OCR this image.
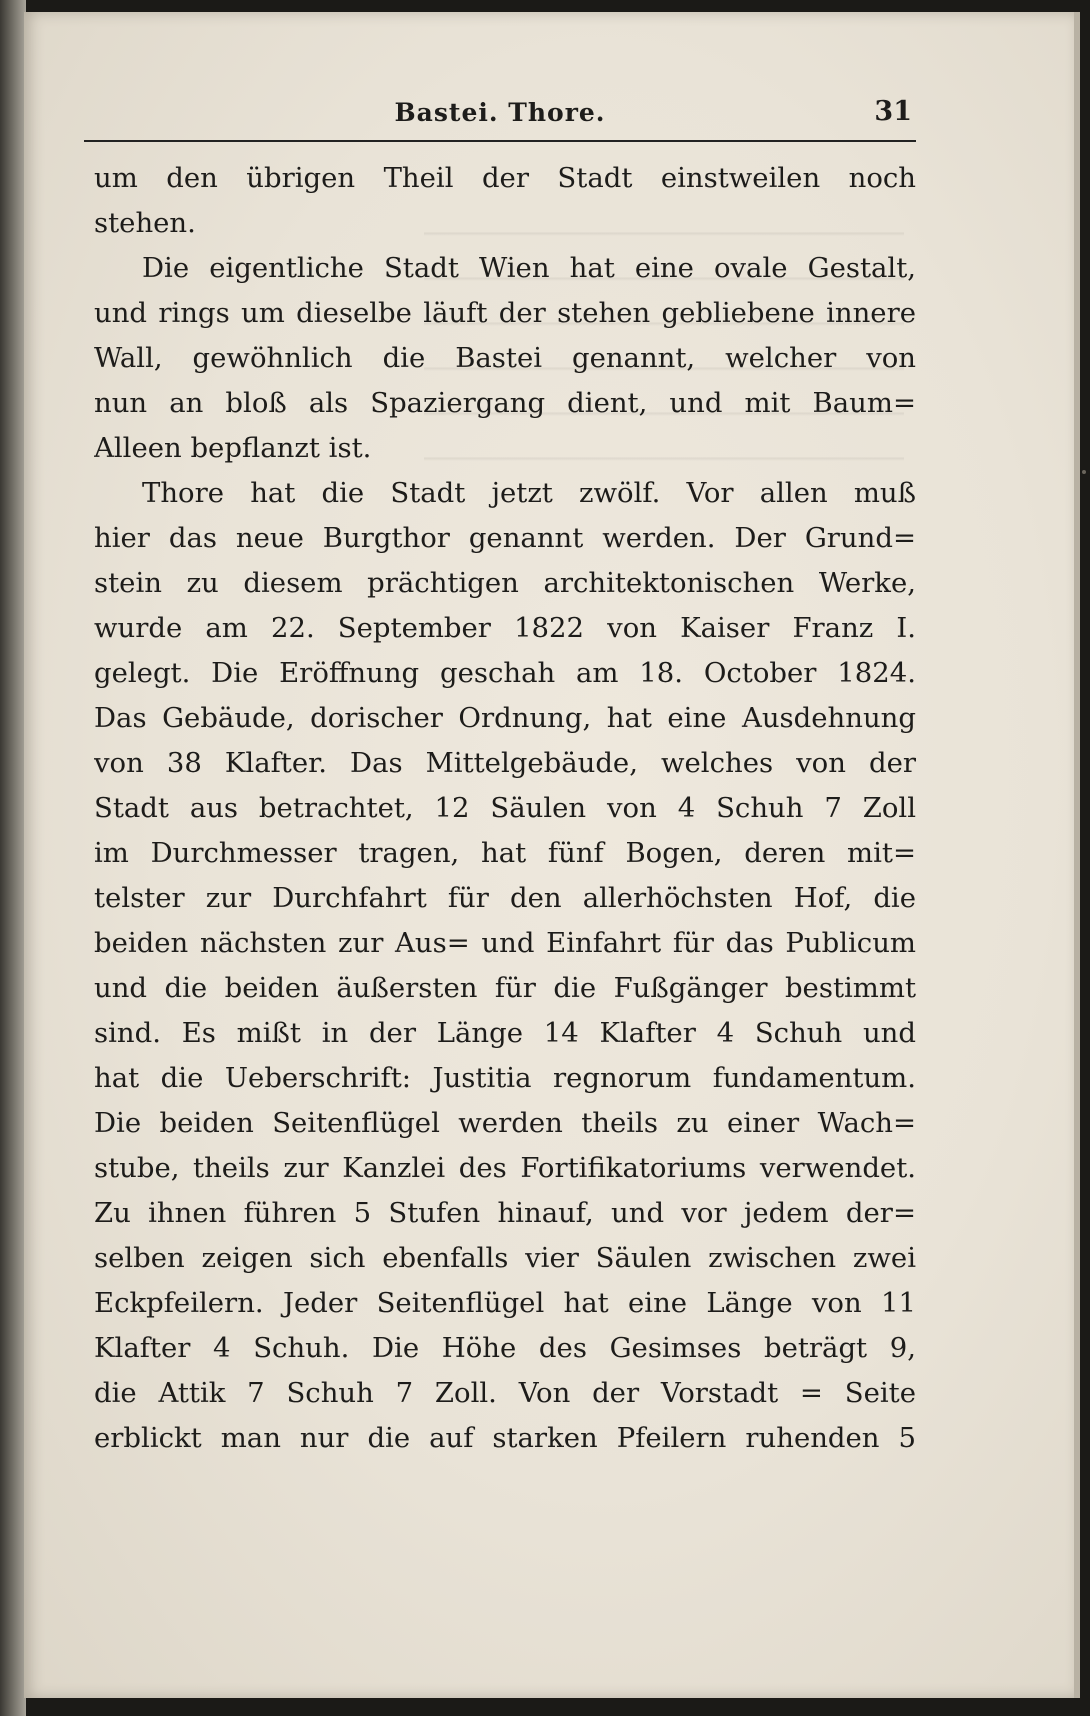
Bastei. Thore.	31
um den übrigen Theil der Stadt einstweilen noch
stehen.
Die eigentliche Stadt Wien hat eine ovale Gestalt,
und rings um dieselbe läuft der stehen gebliebene innere
Wall, gewöhnlich die Bastei genannt, welcher von
nun an bloß als Spaziergang dient, und mit Baum=
Alleen bepflanzt ist.
Thore hat die Stadt jetzt zwölf. Vor allen muß
hier das neue Burgthor genannt werden. Der Grund=
stein zu diesem prächtigen architektonischen Werke,
wurde am 22. September 1822 von Kaiser Franz I.
gelegt. Die Eröffnung geschah am 18. October 1824.
Das Gebäude, dorischer Ordnung, hat eine Ausdehnung
von 38 Klafter. Das Mittelgebäude, welches von der
Stadt aus betrachtet, 12 Säulen von 4 Schuh 7 Zoll
im Durchmesser tragen, hat fünf Bogen, deren mit=
telster zur Durchfahrt für den allerhöchsten Hof, die
beiden nächsten zur Aus= und Einfahrt für das Publicum
und die beiden äußersten für die Fußgänger bestimmt
sind. Es mißt in der Länge 14 Klafter 4 Schuh und
hat die Ueberschrift: Justitia regnorum fundamentum.
Die beiden Seitenflügel werden theils zu einer Wach=
stube, theils zur Kanzlei des Fortifikatoriums verwendet.
Zu ihnen führen 5 Stufen hinauf, und vor jedem der=
selben zeigen sich ebenfalls vier Säulen zwischen zwei
Eckpfeilern. Jeder Seitenflügel hat eine Länge von 11
Klafter 4 Schuh. Die Höhe des Gesimses beträgt 9,
die Attik 7 Schuh 7 Zoll. Von der Vorstadt = Seite
erblickt man nur die auf starken Pfeilern ruhenden 5
